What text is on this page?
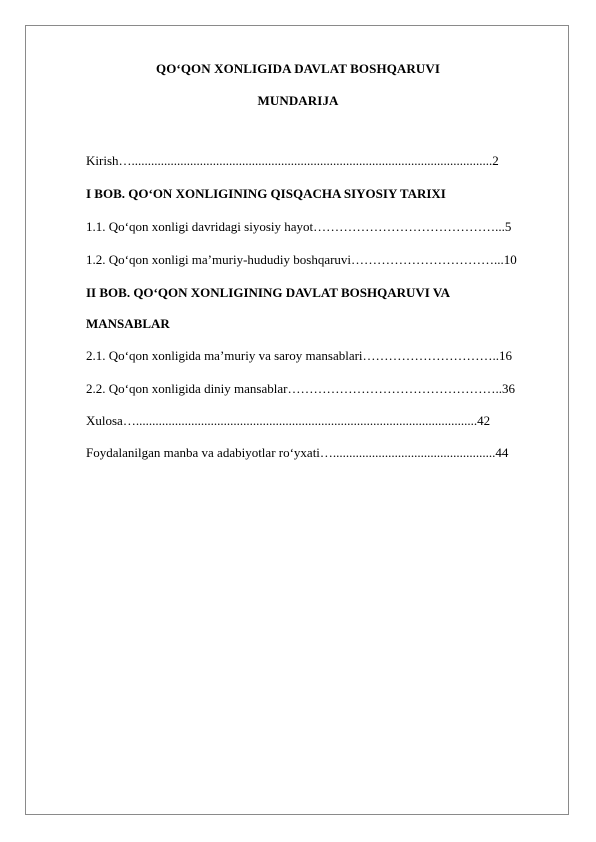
QO‘QON XONLIGIDA DAVLAT BOSHQARUVI
MUNDARIJA
Kirish…...............................................................................................................2
I BOB. QO‘ON XONLIGINING QISQACHA SIYOSIY TARIXI
1.1. Qo‘qon xonligi davridagi siyosiy hayot……………………………………...5
1.2. Qo‘qon xonligi ma’muriy-hududiy boshqaruvi……………………………...10
II BOB. QO‘QON XONLIGINING DAVLAT BOSHQARUVI VA
MANSABLAR
2.1. Qo‘qon xonligida ma’muriy va saroy mansablari…………………………..16
2.2. Qo‘qon xonligida diniy mansablar…………………………………………..36
Xulosa….........................................................................................................42
Foydalanilgan manba va adabiyotlar ro‘yxati…..................................................44
